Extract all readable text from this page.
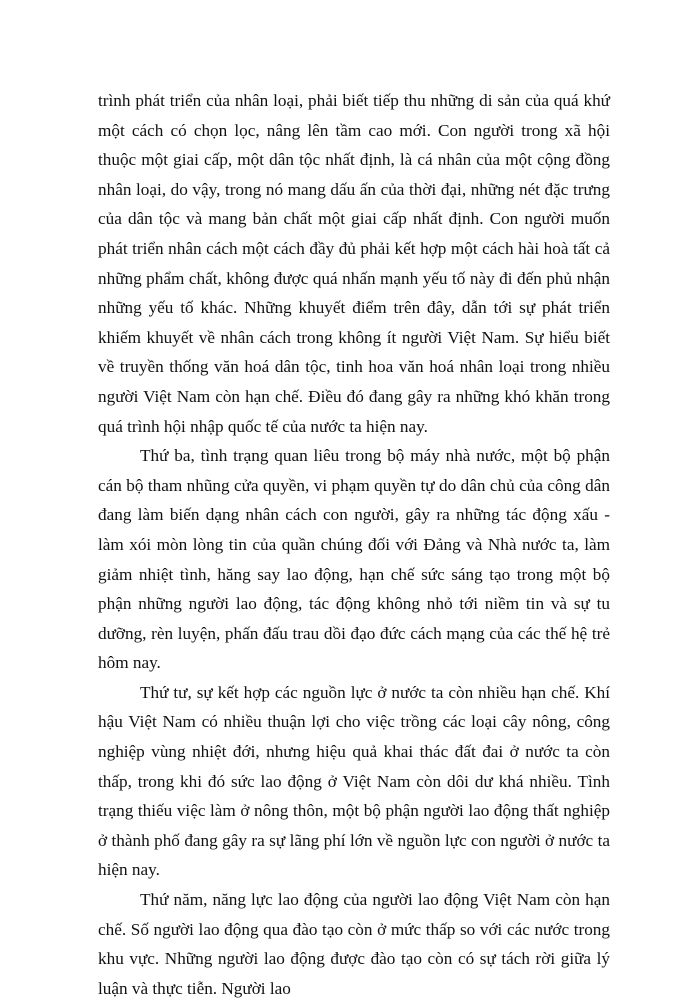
trình phát triển của nhân loại, phải biết tiếp thu những di sản của quá khứ một cách có chọn lọc, nâng lên tầm cao mới. Con người trong xã hội thuộc một giai cấp, một dân tộc nhất định, là cá nhân của một cộng đồng nhân loại, do vậy, trong nó mang dấu ấn của thời đại, những nét đặc trưng của dân tộc và mang bản chất một giai cấp nhất định. Con người muốn phát triển nhân cách một cách đầy đủ phải kết hợp một cách hài hoà tất cả những phẩm chất, không được quá nhấn mạnh yếu tố này đi đến phủ nhận những yếu tố khác. Những khuyết điểm trên đây, dẫn tới sự phát triển khiếm khuyết về nhân cách trong không ít người Việt Nam. Sự hiểu biết về truyền thống văn hoá dân tộc, tinh hoa văn hoá nhân loại trong nhiều người Việt Nam còn hạn chế. Điều đó đang gây ra những khó khăn trong quá trình hội nhập quốc tế của nước ta hiện nay.

Thứ ba, tình trạng quan liêu trong bộ máy nhà nước, một bộ phận cán bộ tham nhũng cửa quyền, vi phạm quyền tự do dân chủ của công dân đang làm biến dạng nhân cách con người, gây ra những tác động xấu - làm xói mòn lòng tin của quần chúng đối với Đảng và Nhà nước ta, làm giảm nhiệt tình, hăng say lao động, hạn chế sức sáng tạo trong một bộ phận những người lao động, tác động không nhỏ tới niềm tin và sự tu dưỡng, rèn luyện, phấn đấu trau dồi đạo đức cách mạng của các thế hệ trẻ hôm nay.

Thứ tư, sự kết hợp các nguồn lực ở nước ta còn nhiều hạn chế. Khí hậu Việt Nam có nhiều thuận lợi cho việc trồng các loại cây nông, công nghiệp vùng nhiệt đới, nhưng hiệu quả khai thác đất đai ở nước ta còn thấp, trong khi đó sức lao động ở Việt Nam còn dôi dư khá nhiều. Tình trạng thiếu việc làm ở nông thôn, một bộ phận người lao động thất nghiệp ở thành phố đang gây ra sự lãng phí lớn về nguồn lực con người ở nước ta hiện nay.

Thứ năm, năng lực lao động của người lao động Việt Nam còn hạn chế. Số người lao động qua đào tạo còn ở mức thấp so với các nước trong khu vực. Những người lao động được đào tạo còn có sự tách rời giữa lý luận và thực tiễn. Người lao
